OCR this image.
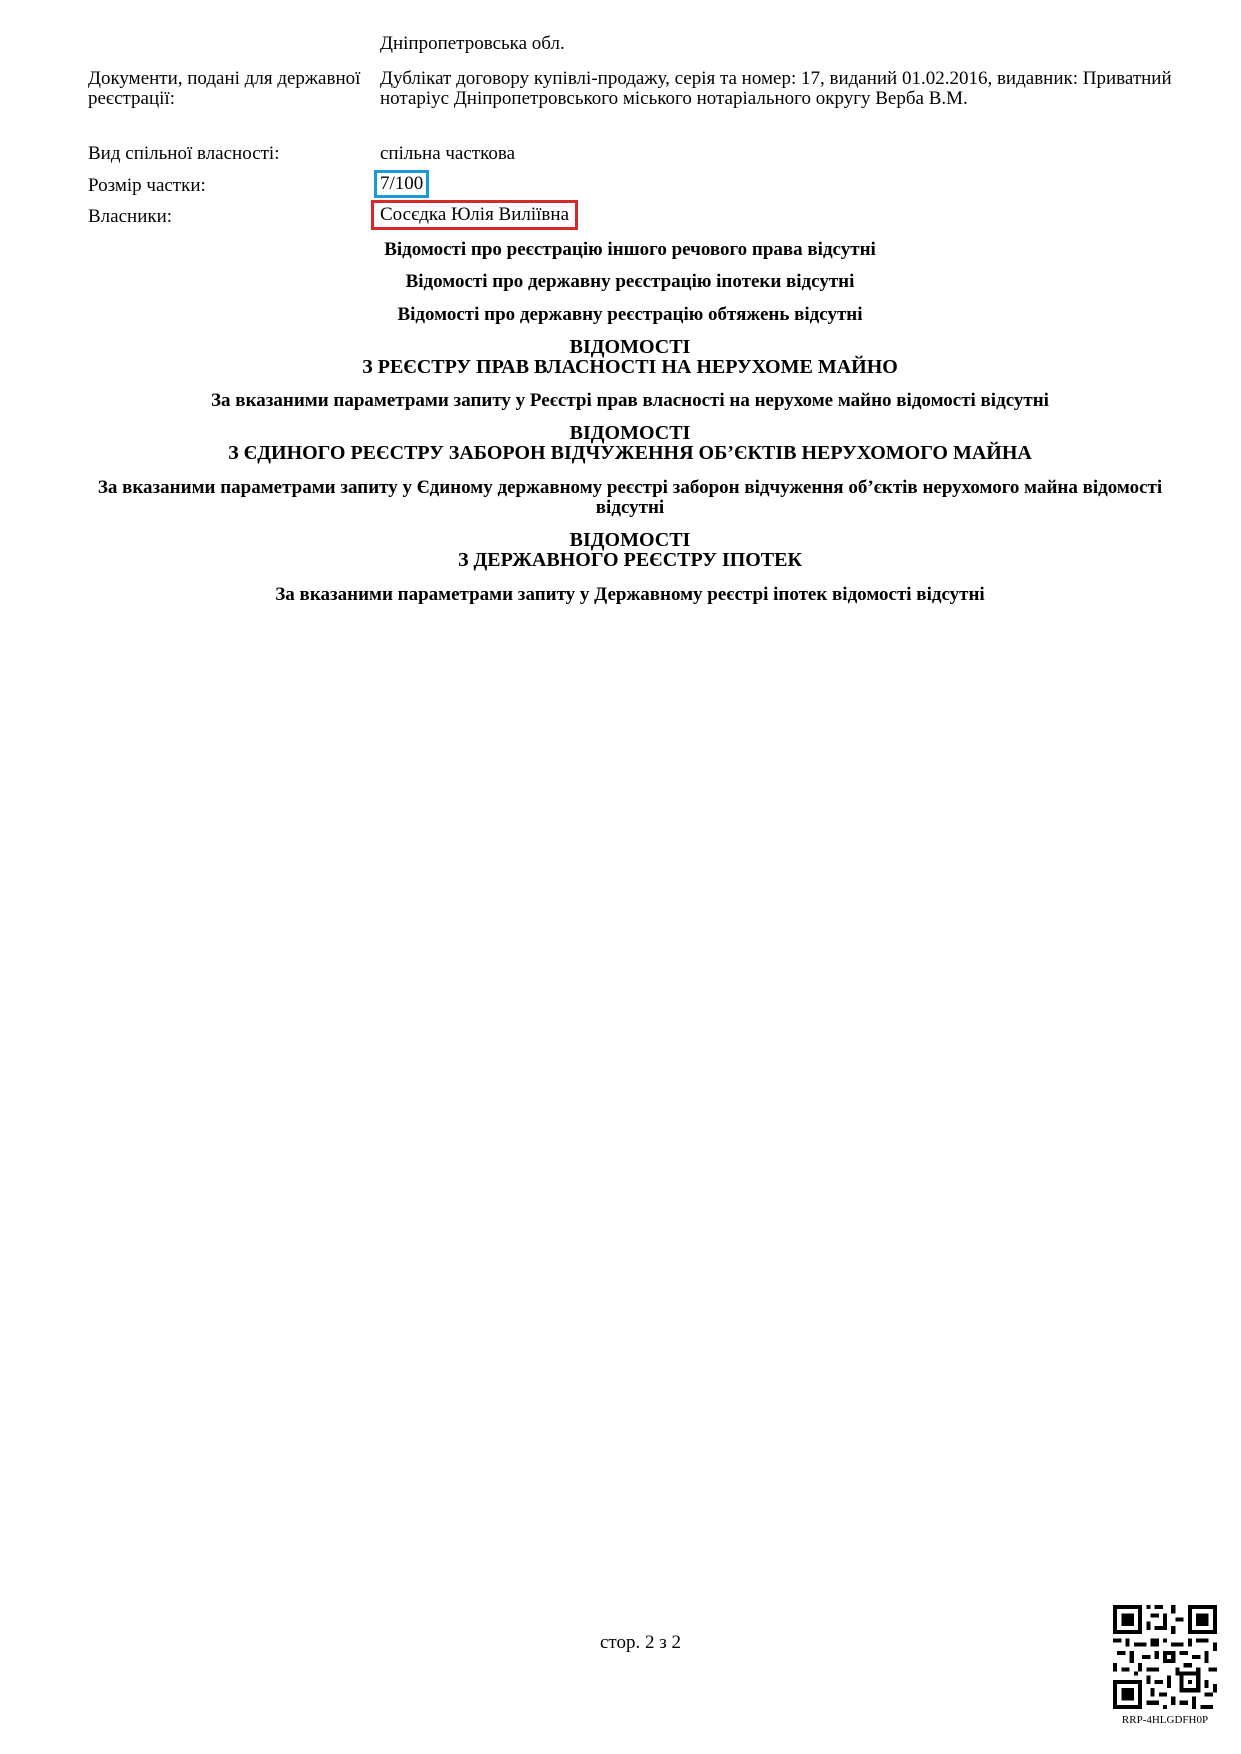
Дніпропетровська обл.
Документи, подані для державної реєстрації:
Дублікат договору купівлі-продажу, серія та номер: 17, виданий 01.02.2016, видавник: Приватний нотаріус Дніпропетровського міського нотаріального округу Верба В.М.
Вид спільної власності:	спільна часткова
Розмір частки:	7/100
Власники:	Сосєдка Юлія Виліївна
Відомості про реєстрацію іншого речового права відсутні
Відомості про державну реєстрацію іпотеки відсутні
Відомості про державну реєстрацію обтяжень відсутні
ВІДОМОСТІ
З РЕЄСТРУ ПРАВ ВЛАСНОСТІ НА НЕРУХОМЕ МАЙНО
За вказаними параметрами запиту у Реєстрі прав власності на нерухоме майно відомості відсутні
ВІДОМОСТІ
З ЄДИНОГО РЕЄСТРУ ЗАБОРОН ВІДЧУЖЕННЯ ОБ’ЄКТІВ НЕРУХОМОГО МАЙНА
За вказаними параметрами запиту у Єдиному державному реєстрі заборон відчуження об’єктів нерухомого майна відомості відсутні
ВІДОМОСТІ
З ДЕРЖАВНОГО РЕЄСТРУ ІПОТЕК
За вказаними параметрами запиту у Державному реєстрі іпотек відомості відсутні
стор. 2 з 2
RRP-4HLGDFH0P
